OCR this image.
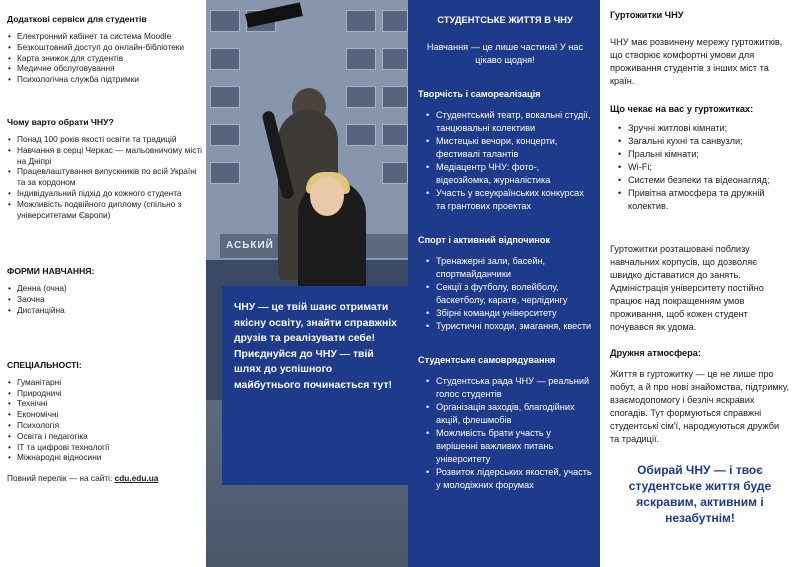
Додаткові сервіси для студентів
• Електронний кабінет та система Moodle
• Безкоштовний доступ до онлайн-бібліотеки
• Карта знижок для студентів
• Медичне обслуговування
• Психологічна служба підтримки
Чому варто обрати ЧНУ?
• Понад 100 років якості освіти та традицій
• Навчання в серці Черкас — мальовничому місті на Дніпрі
• Працевлаштування випускників по всій Україні та за кордоном
• Індивідуальний підхід до кожного студента
• Можливість подвійного диплому (спільно з університетами Європи)
ФОРМИ НАВЧАННЯ:
• Денна (очна)
• Заочна
• Дистанційна
СПЕЦІАЛЬНОСТІ:
• Гуманітарні
• Природничі
• Технічні
• Економічні
• Психологія
• Освіта і педагогіка
• ІТ та цифрові технології
• Міжнародні відносини
Повний перелік — на сайті: cdu.edu.ua
АСЬКИЙ

ЧНУ — це твій шанс отримати якісну освіту, знайти справжніх друзів та реалізувати себе!

Приєднуйся до ЧНУ — твій шлях до успішного майбутнього починається тут!

СТУДЕНТСЬКЕ ЖИТТЯ В ЧНУ
Навчання — це лише частина! У нас цікаво щодня!
Творчість і самореалізація
• Студентський театр, вокальні студії, танцювальні колективи
• Мистецькі вечори, концерти, фестивалі талантів
• Медіацентр ЧНУ: фото-, відеозйомка, журналістика
• Участь у всеукраїнських конкурсах та грантових проектах
Спорт і активний відпочинок
• Тренажерні зали, басейн, спортмайданчики
• Секції з футболу, волейболу, баскетболу, карате, черлідингу
• Збірні команди університету
• Туристичні походи, змагання, квести
Студентське самоврядування
• Студентська рада ЧНУ — реальний голос студентів
• Організація заходів, благодійних акцій, флешмобів
• Можливість брати участь у вирішенні важливих питань університету
• Розвиток лідерських якостей, участь у молодіжних форумах
Гуртожитки ЧНУ
ЧНУ має розвинену мережу гуртожитків, що створює комфортні умови для проживання студентів з інших міст та країн.
Що чекає на вас у гуртожитках:
• Зручні житлові кімнати;
• Загальні кухні та санвузли;
• Пральні кімнати;
• Wi-Fi;
• Системи безпеки та відеонагляд;
• Привітна атмосфера та дружній колектив.
Гуртожитки розташовані поблизу навчальних корпусів, що дозволяє швидко діставатися до занять. Адміністрація університету постійно працює над покращенням умов проживання, щоб кожен студент почувався як удома.
Дружня атмосфера:
Життя в гуртожитку — це не лише про побут, а й про нові знайомства, підтримку, взаємодопомогу і безліч яскравих спогадів. Тут формуються справжні студентські сім'ї, народжуються дружби та традиції.
Обирай ЧНУ — і твоє студентське життя буде яскравим, активним і незабутнім!
